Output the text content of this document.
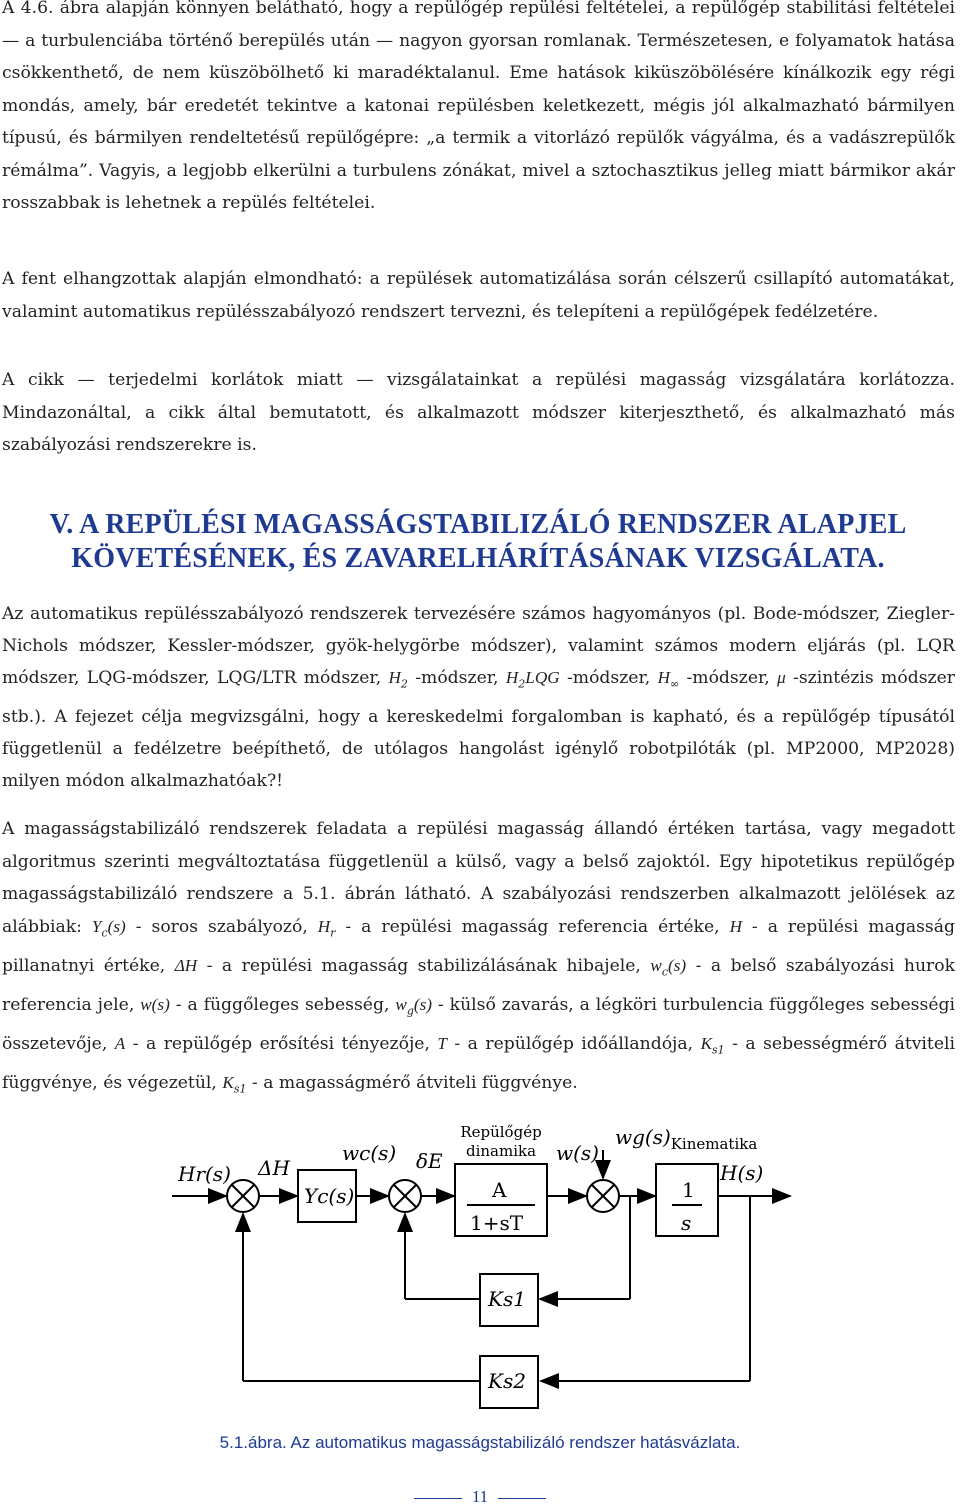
A 4.6. ábra alapján könnyen belátható, hogy a repülőgép repülési feltételei, a repülőgép stabilitási feltételei — a turbulenciába történő berepülés után — nagyon gyorsan romlanak. Természetesen, e folyamatok hatása csökkenthető, de nem küszöbölhető ki maradéktalanul. Eme hatások kiküszöbölésére kínálkozik egy régi mondás, amely, bár eredetét tekintve a katonai repülésben keletkezett, mégis jól alkalmazható bármilyen típusú, és bármilyen rendeltetésű repülőgépre: „a termik a vitorlázó repülők vágyálma, és a vadászrepülők rémálma”. Vagyis, a legjobb elkerülni a turbulens zónákat, mivel a sztochasztikus jelleg miatt bármikor akár rosszabbak is lehetnek a repülés feltételei.

A fent elhangzottak alapján elmondható: a repülések automatizálása során célszerű csillapító automatákat, valamint automatikus repülésszabályozó rendszert tervezni, és telepíteni a repülőgépek fedélzetére.

A cikk — terjedelmi korlátok miatt — vizsgálatainkat a repülési magasság vizsgálatára korlátozza. Mindazonáltal, a cikk által bemutatott, és alkalmazott módszer kiterjeszthető, és alkalmazható más szabályozási rendszerekre is.

V. A REPÜLÉSI MAGASSÁGSTABILIZÁLÓ RENDSZER ALAPJEL KÖVETÉSÉNEK, ÉS ZAVARELHÁRÍTÁSÁNAK VIZSGÁLATA.

Az automatikus repülésszabályozó rendszerek tervezésére számos hagyományos (pl. Bode-módszer, Ziegler-Nichols módszer, Kessler-módszer, gyök-helygörbe módszer), valamint számos modern eljárás (pl. LQR módszer, LQG-módszer, LQG/LTR módszer, $H_2$ -módszer, $H_2LQG$ -módszer, $H_\infty$ -módszer, μ -szintézis módszer stb.). A fejezet célja megvizsgálni, hogy a kereskedelmi forgalomban is kapható, és a repülőgép típusától függetlenül a fedélzetre beépíthető, de utólagos hangolást igénylő robotpilóták (pl. MP2000, MP2028) milyen módon alkalmazhatóak?!

A magasságstabilizáló rendszerek feladata a repülési magasság állandó értéken tartása, vagy megadott algoritmus szerinti megváltoztatása függetlenül a külső, vagy a belső zajoktól. Egy hipotetikus repülőgép magasságstabilizáló rendszere a 5.1. ábrán látható. A szabályozási rendszerben alkalmazott jelölések az alábbiak: $Y_c(s)$ - soros szabályozó, $H_r$ - a repülési magasság referencia értéke, H - a repülési magasság pillanatnyi értéke, ΔH - a repülési magasság stabilizálásának hibajele, $w_c(s)$ - a belső szabályozási hurok referencia jele, w(s) - a függőleges sebesség, $w_g(s)$ - külső zavarás, a légköri turbulencia függőleges sebességi összetevője, A - a repülőgép erősítési tényezője, T - a repülőgép időállandója, $K_{s1}$ - a sebességmérő átviteli függvénye, és végezetül, $K_{s1}$ - a magasságmérő átviteli függvénye.

Hr(s) ΔH
wc(s)
Yc(s)
δE	w(s)
wg(s)
H(s)
A
1+sT
1
s
Ks1
Ks2
Repülőgép
dinamika	Kinematika
5.1.ábra. Az automatikus magasságstabilizáló rendszer hatásvázlata.
11
